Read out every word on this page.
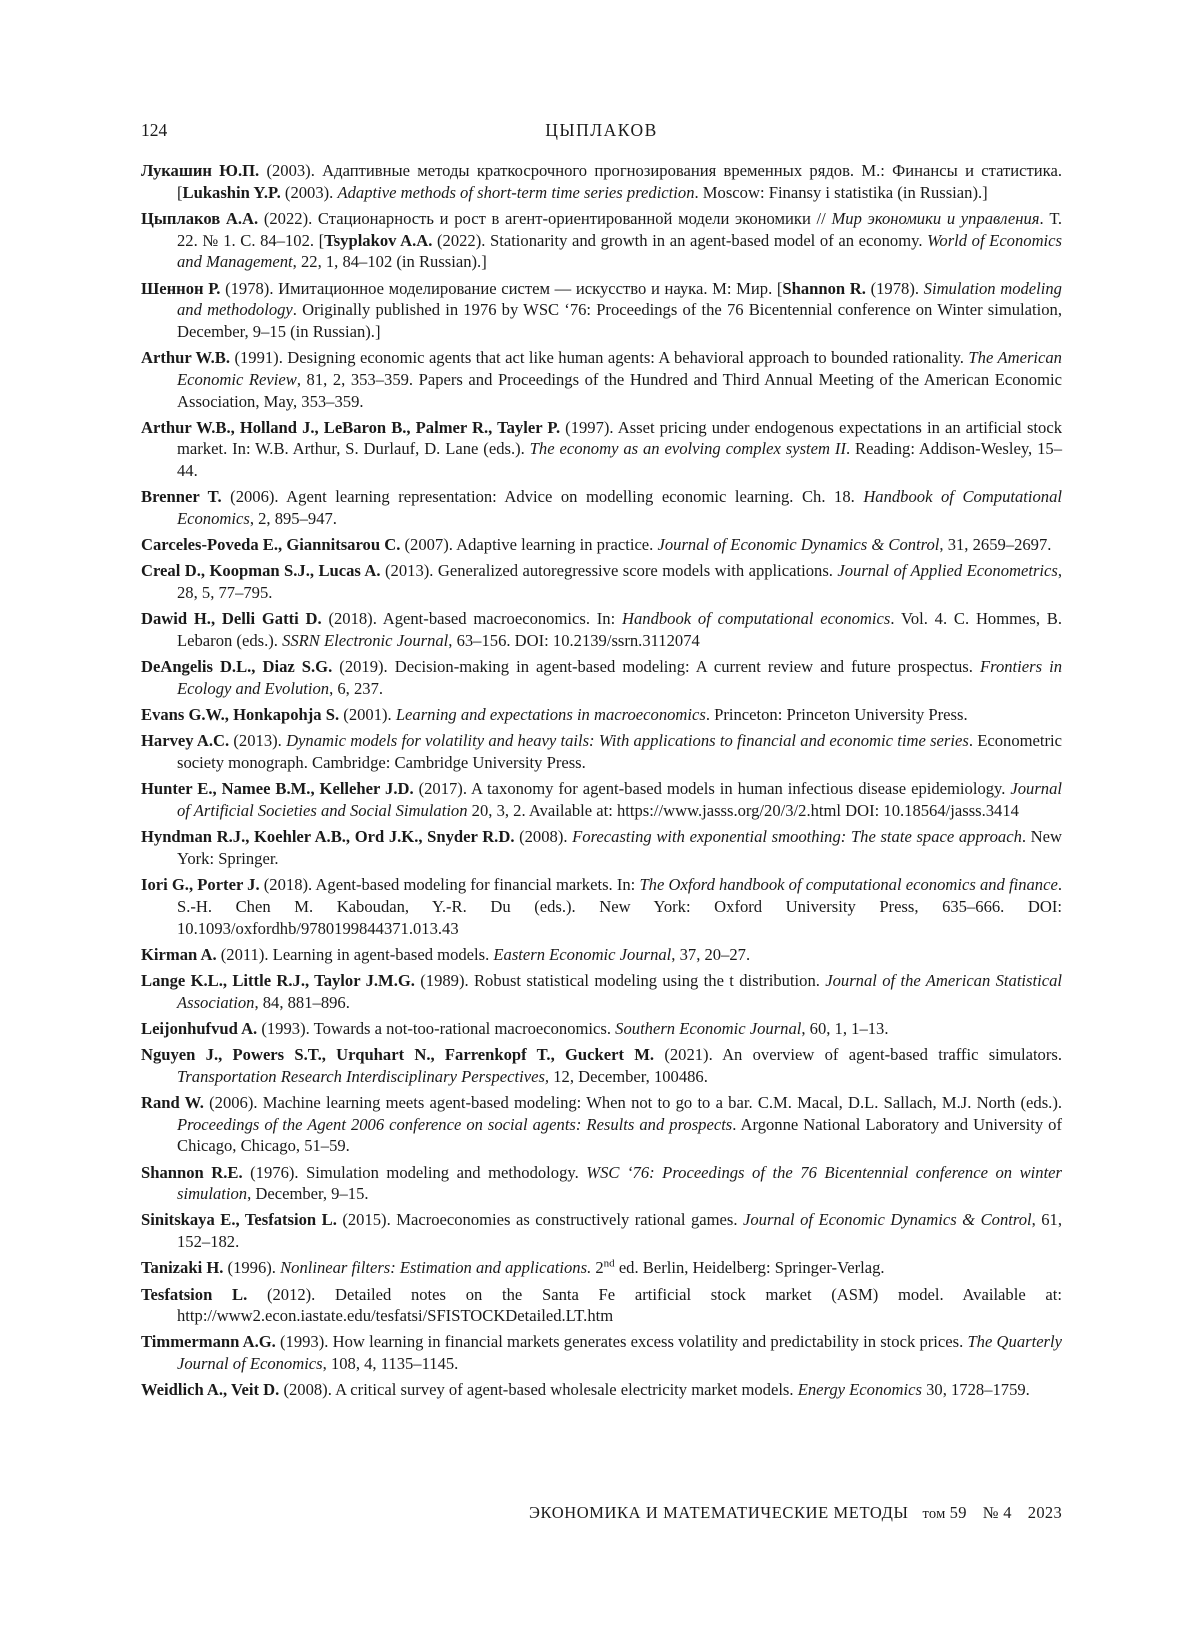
124	ЦЫПЛАКОВ
Лукашин Ю.П. (2003). Адаптивные методы краткосрочного прогнозирования временных рядов. М.: Финансы и статистика. [Lukashin Y.P. (2003). Adaptive methods of short-term time series prediction. Moscow: Finansy i statistika (in Russian).]
Цыплаков А.А. (2022). Стационарность и рост в агент-ориентированной модели экономики // Мир экономики и управления. Т. 22. № 1. С. 84–102. [Tsyplakov A.A. (2022). Stationarity and growth in an agent-based model of an economy. World of Economics and Management, 22, 1, 84–102 (in Russian).]
Шеннон Р. (1978). Имитационное моделирование систем — искусство и наука. М: Мир. [Shannon R. (1978). Simulation modeling and methodology. Originally published in 1976 by WSC ‘76: Proceedings of the 76 Bicentennial conference on Winter simulation, December, 9–15 (in Russian).]
Arthur W.B. (1991). Designing economic agents that act like human agents: A behavioral approach to bounded rationality. The American Economic Review, 81, 2, 353–359. Papers and Proceedings of the Hundred and Third Annual Meeting of the American Economic Association, May, 353–359.
Arthur W.B., Holland J., LeBaron B., Palmer R., Tayler P. (1997). Asset pricing under endogenous expectations in an artificial stock market. In: W.B. Arthur, S. Durlauf, D. Lane (eds.). The economy as an evolving complex system II. Reading: Addison-Wesley, 15–44.
Brenner T. (2006). Agent learning representation: Advice on modelling economic learning. Ch. 18. Handbook of Computational Economics, 2, 895–947.
Carceles-Poveda E., Giannitsarou C. (2007). Adaptive learning in practice. Journal of Economic Dynamics & Control, 31, 2659–2697.
Creal D., Koopman S.J., Lucas A. (2013). Generalized autoregressive score models with applications. Journal of Applied Econometrics, 28, 5, 77–795.
Dawid H., Delli Gatti D. (2018). Agent-based macroeconomics. In: Handbook of computational economics. Vol. 4. C. Hommes, B. Lebaron (eds.). SSRN Electronic Journal, 63–156. DOI: 10.2139/ssrn.3112074
DeAngelis D.L., Diaz S.G. (2019). Decision-making in agent-based modeling: A current review and future prospectus. Frontiers in Ecology and Evolution, 6, 237.
Evans G.W., Honkapohja S. (2001). Learning and expectations in macroeconomics. Princeton: Princeton University Press.
Harvey A.C. (2013). Dynamic models for volatility and heavy tails: With applications to financial and economic time series. Econometric society monograph. Cambridge: Cambridge University Press.
Hunter E., Namee B.M., Kelleher J.D. (2017). A taxonomy for agent-based models in human infectious disease epidemiology. Journal of Artificial Societies and Social Simulation 20, 3, 2. Available at: https://www.jasss.org/20/3/2.html DOI: 10.18564/jasss.3414
Hyndman R.J., Koehler A.B., Ord J.K., Snyder R.D. (2008). Forecasting with exponential smoothing: The state space approach. New York: Springer.
Iori G., Porter J. (2018). Agent-based modeling for financial markets. In: The Oxford handbook of computational economics and finance. S.-H. Chen M. Kaboudan, Y.-R. Du (eds.). New York: Oxford University Press, 635–666. DOI: 10.1093/oxfordhb/9780199844371.013.43
Kirman A. (2011). Learning in agent-based models. Eastern Economic Journal, 37, 20–27.
Lange K.L., Little R.J., Taylor J.M.G. (1989). Robust statistical modeling using the t distribution. Journal of the American Statistical Association, 84, 881–896.
Leijonhufvud A. (1993). Towards a not-too-rational macroeconomics. Southern Economic Journal, 60, 1, 1–13.
Nguyen J., Powers S.T., Urquhart N., Farrenkopf T., Guckert M. (2021). An overview of agent-based traffic simulators. Transportation Research Interdisciplinary Perspectives, 12, December, 100486.
Rand W. (2006). Machine learning meets agent-based modeling: When not to go to a bar. C.M. Macal, D.L. Sallach, M.J. North (eds.). Proceedings of the Agent 2006 conference on social agents: Results and prospects. Argonne National Laboratory and University of Chicago, Chicago, 51–59.
Shannon R.E. (1976). Simulation modeling and methodology. WSC ‘76: Proceedings of the 76 Bicentennial conference on winter simulation, December, 9–15.
Sinitskaya E., Tesfatsion L. (2015). Macroeconomies as constructively rational games. Journal of Economic Dynamics & Control, 61, 152–182.
Tanizaki H. (1996). Nonlinear filters: Estimation and applications. 2nd ed. Berlin, Heidelberg: Springer-Verlag.
Tesfatsion L. (2012). Detailed notes on the Santa Fe artificial stock market (ASM) model. Available at: http://www2.econ.iastate.edu/tesfatsi/SFISTOCKDetailed.LT.htm
Timmermann A.G. (1993). How learning in financial markets generates excess volatility and predictability in stock prices. The Quarterly Journal of Economics, 108, 4, 1135–1145.
Weidlich A., Veit D. (2008). A critical survey of agent-based wholesale electricity market models. Energy Economics 30, 1728–1759.
ЭКОНОМИКА И МАТЕМАТИЧЕСКИЕ МЕТОДЫ том 59 № 4 2023
